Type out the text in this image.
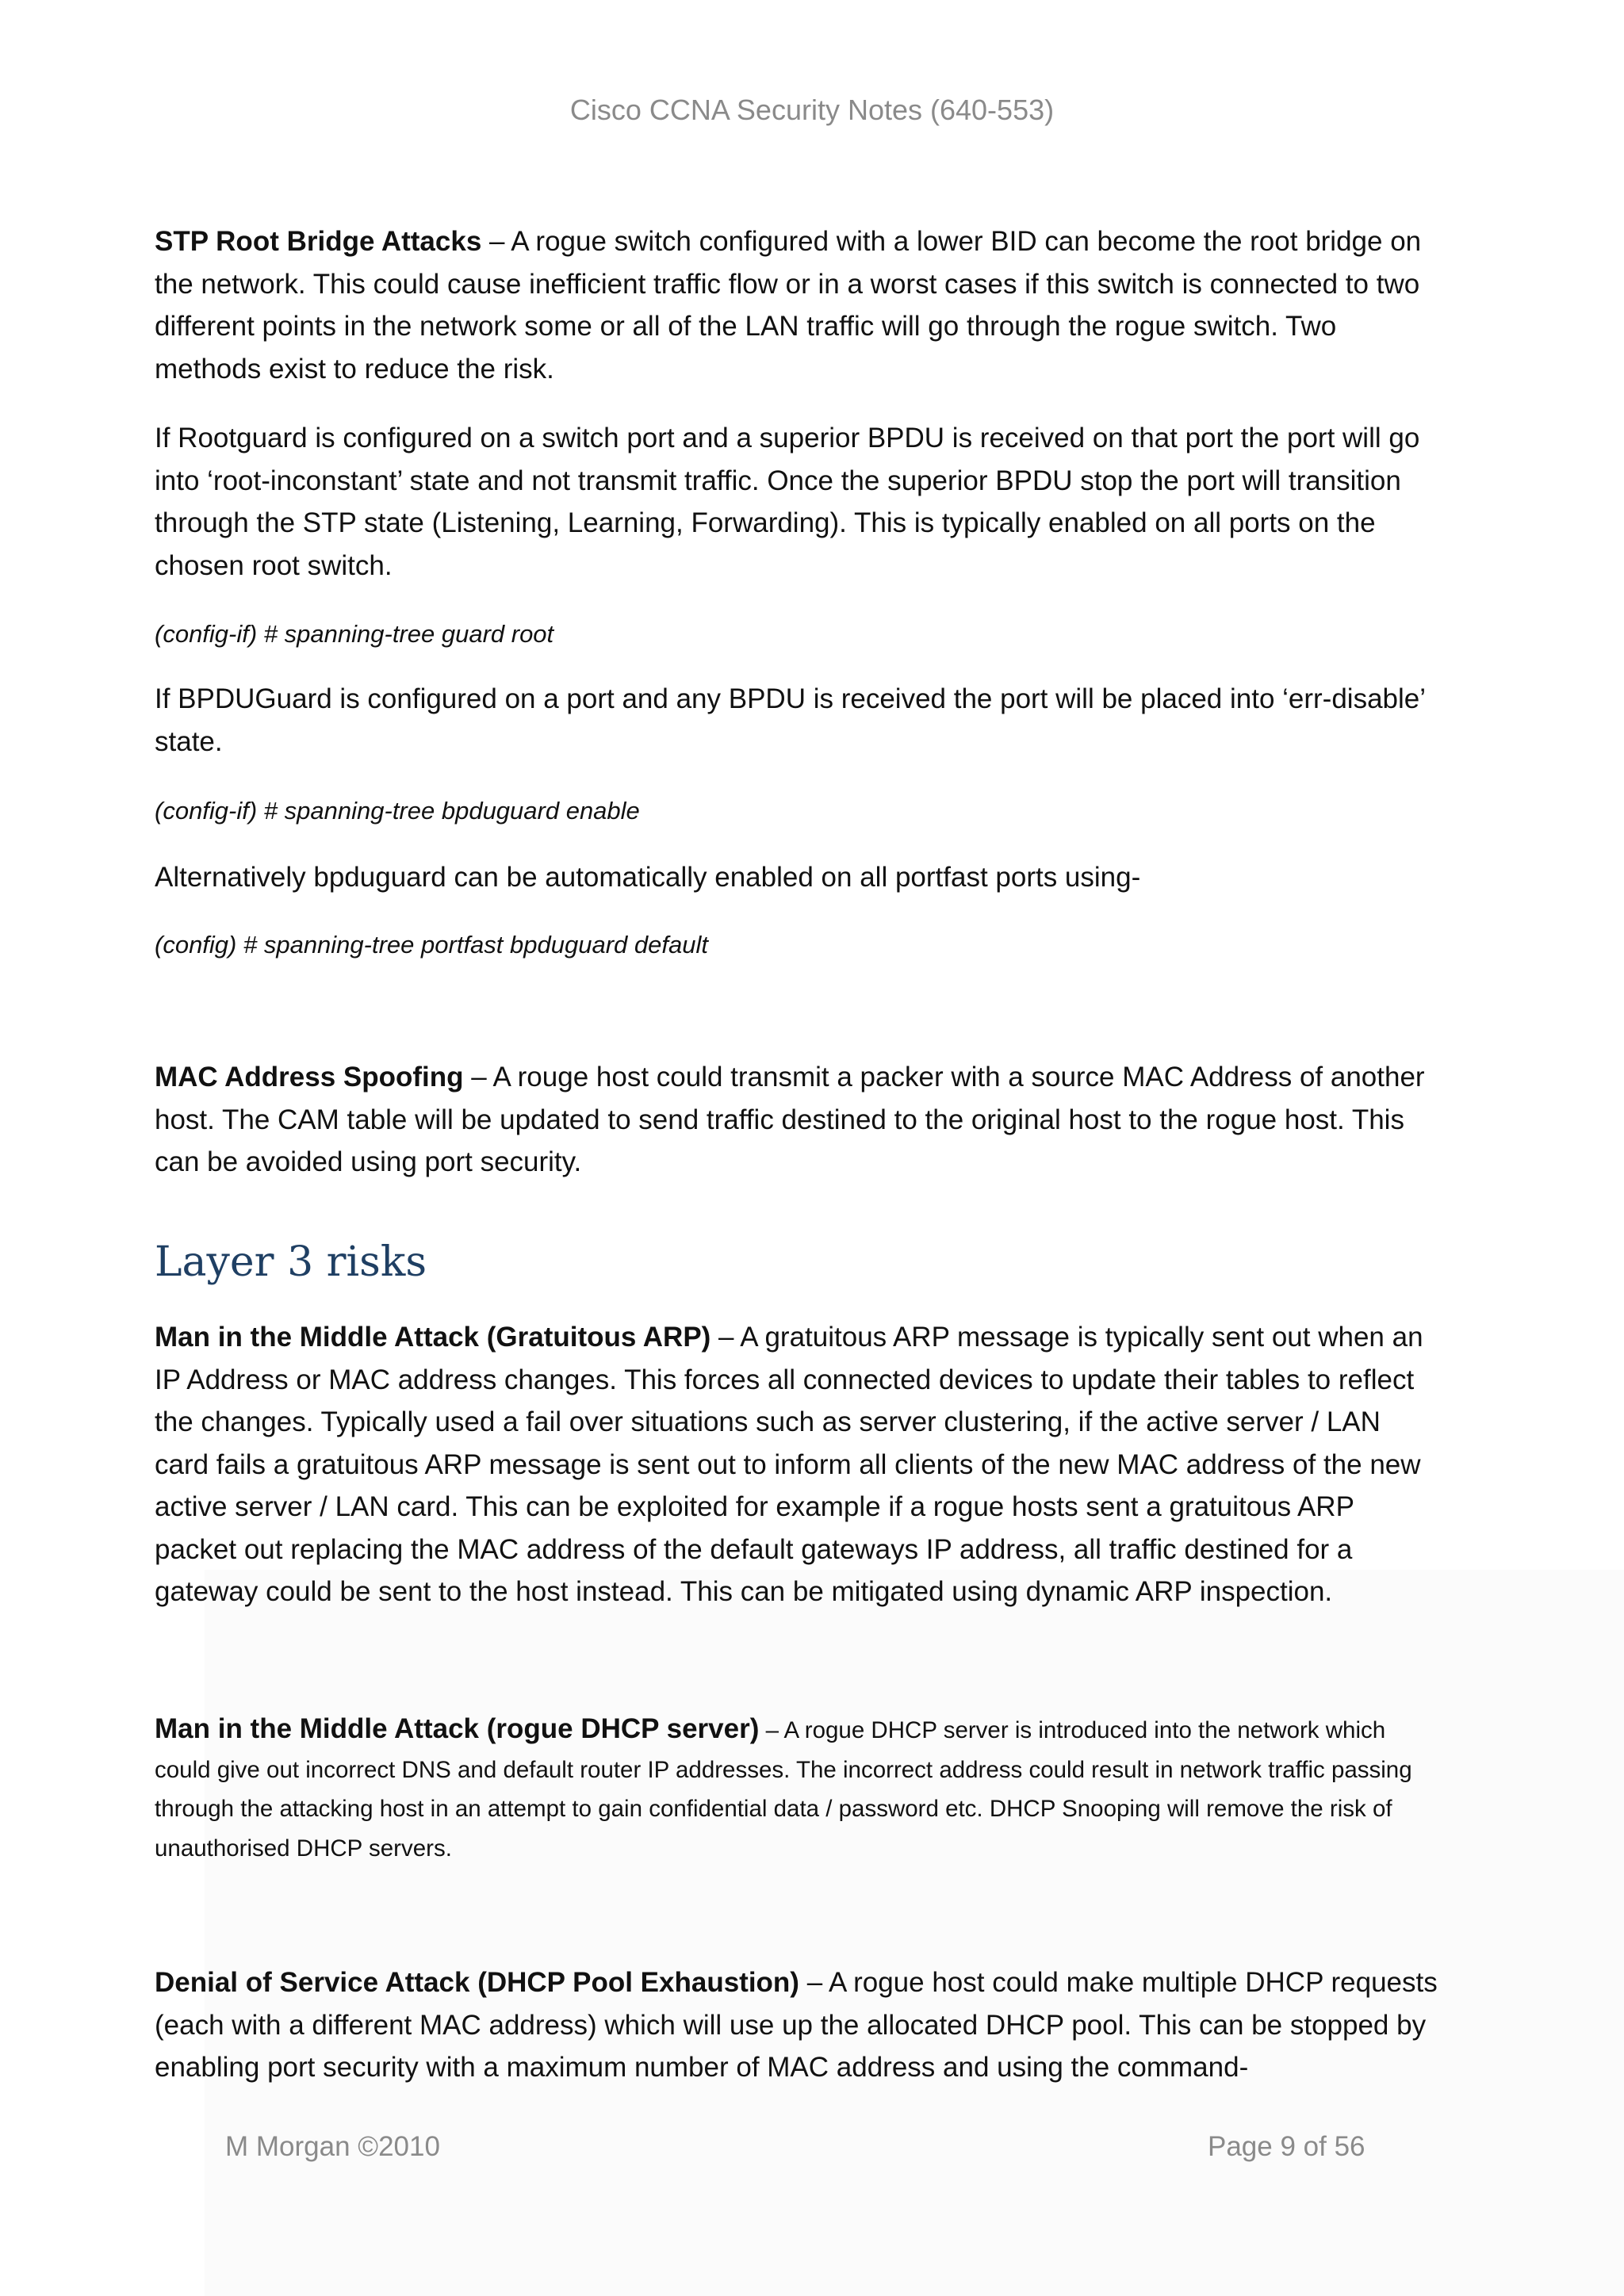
Cisco CCNA Security Notes (640-553)

STP Root Bridge Attacks – A rogue switch configured with a lower BID can become the root bridge on the network. This could cause inefficient traffic flow or in a worst cases if this switch is connected to two different points in the network some or all of the LAN traffic will go through the rogue switch. Two methods exist to reduce the risk.

If Rootguard is configured on a switch port and a superior BPDU is received on that port the port will go into ‘root-inconstant’ state and not transmit traffic. Once the superior BPDU stop the port will transition through the STP state (Listening, Learning, Forwarding). This is typically enabled on all ports on the chosen root switch.

(config-if) # spanning-tree guard root

If BPDUGuard is configured on a port and any BPDU is received the port will be placed into ‘err-disable’ state.

(config-if) # spanning-tree bpduguard enable

Alternatively bpduguard can be automatically enabled on all portfast ports using-

(config) # spanning-tree portfast bpduguard default

MAC Address Spoofing – A rouge host could transmit a packer with a source MAC Address of another host. The CAM table will be updated to send traffic destined to the original host to the rogue host. This can be avoided using port security.

Layer 3 risks

Man in the Middle Attack (Gratuitous ARP) – A gratuitous ARP message is typically sent out when an IP Address or MAC address changes. This forces all connected devices to update their tables to reflect the changes. Typically used a fail over situations such as server clustering, if the active server / LAN card fails a gratuitous ARP message is sent out to inform all clients of the new MAC address of the new active server / LAN card. This can be exploited for example if a rogue hosts sent a gratuitous ARP packet out replacing the MAC address of the default gateways IP address, all traffic destined for a gateway could be sent to the host instead. This can be mitigated using dynamic ARP inspection.

Man in the Middle Attack (rogue DHCP server) – A rogue DHCP server is introduced into the network which could give out incorrect DNS and default router IP addresses. The incorrect address could result in network traffic passing through the attacking host in an attempt to gain confidential data / password etc. DHCP Snooping will remove the risk of unauthorised DHCP servers.

Denial of Service Attack (DHCP Pool Exhaustion) – A rogue host could make multiple DHCP requests (each with a different MAC address) which will use up the allocated DHCP pool. This can be stopped by enabling port security with a maximum number of MAC address and using the command-

M Morgan ©2010	Page 9 of 56
